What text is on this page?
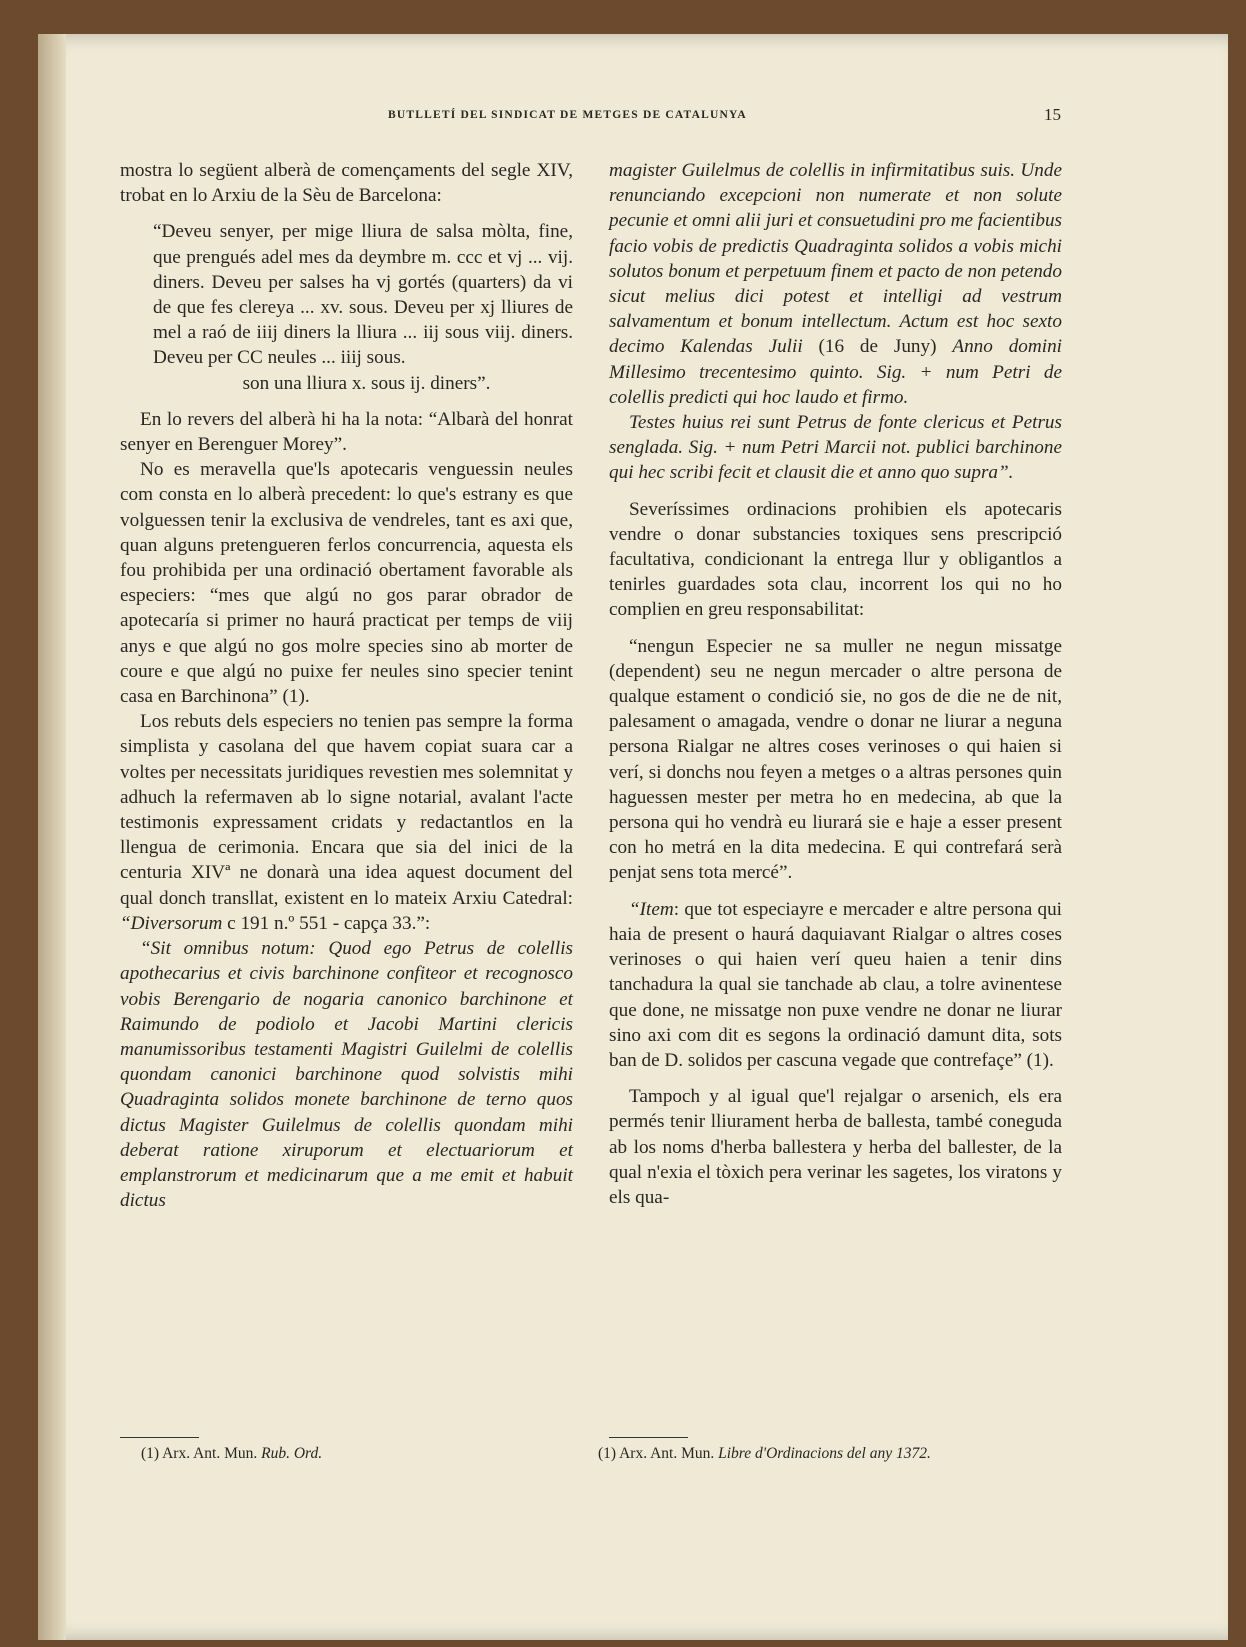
BUTLLETÍ DEL SINDICAT DE METGES DE CATALUNYA	15

mostra lo següent alberà de començaments del segle XIV, trobat en lo Arxiu de la Sèu de Barcelona:

“Deveu senyer, per mige lliura de salsa mòlta, fine, que prengués adel mes da deymbre m. ccc et vj ... vij. diners. Deveu per salses ha vj gortés (quarters) da vi de que fes clereya ... xv. sous. Deveu per xj lliures de mel a raó de iiij diners la lliura ... iij sous viij. diners. Deveu per CC neules ... iiij sous.

son una lliura x. sous ij. diners”.

En lo revers del alberà hi ha la nota: “Albarà del honrat senyer en Berenguer Morey”.

No es meravella que'ls apotecaris venguessin neules com consta en lo alberà precedent: lo que's estrany es que volguessen tenir la exclusiva de vendreles, tant es axi que, quan alguns pretengueren ferlos concurrencia, aquesta els fou prohibida per una ordinació obertament favorable als especiers: “mes que algú no gos parar obrador de apotecaría si primer no haurá practicat per temps de viij anys e que algú no gos molre species sino ab morter de coure e que algú no puixe fer neules sino specier tenint casa en Barchinona” (1).

Los rebuts dels especiers no tenien pas sempre la forma simplista y casolana del que havem copiat suara car a voltes per necessitats juridiques revestien mes solemnitat y adhuch la refermaven ab lo signe notarial, avalant l'acte testimonis expressament cridats y redactantlos en la llengua de cerimonia. Encara que sia del inici de la centuria XIVª ne donarà una idea aquest document del qual donch transllat, existent en lo mateix Arxiu Catedral: “Diversorum c 191 n.º 551 - capça 33.”:

“Sit omnibus notum: Quod ego Petrus de colellis apothecarius et civis barchinone confiteor et recognosco vobis Berengario de nogaria canonico barchinone et Raimundo de podiolo et Jacobi Martini clericis manumissoribus testamenti Magistri Guilelmi de colellis quondam canonici barchinone quod solvistis mihi Quadraginta solidos monete barchinone de terno quos dictus Magister Guilelmus de colellis quondam mihi deberat ratione xiruporum et electuariorum et emplanstrorum et medicinarum que a me emit et habuit dictus

magister Guilelmus de colellis in infirmitatibus suis. Unde renunciando excepcioni non numerate et non solute pecunie et omni alii juri et consuetudini pro me facientibus facio vobis de predictis Quadraginta solidos a vobis michi solutos bonum et perpetuum finem et pacto de non petendo sicut melius dici potest et intelligi ad vestrum salvamentum et bonum intellectum. Actum est hoc sexto decimo Kalendas Julii (16 de Juny) Anno domini Millesimo trecentesimo quinto. Sig. + num Petri de colellis predicti qui hoc laudo et firmo.

Testes huius rei sunt Petrus de fonte clericus et Petrus senglada. Sig. + num Petri Marcii not. publici barchinone qui hec scribi fecit et clausit die et anno quo supra”.

Severíssimes ordinacions prohibien els apotecaris vendre o donar substancies toxiques sens prescripció facultativa, condicionant la entrega llur y obligantlos a tenirles guardades sota clau, incorrent los qui no ho complien en greu responsabilitat:

“nengun Especier ne sa muller ne negun missatge (dependent) seu ne negun mercader o altre persona de qualque estament o condició sie, no gos de die ne de nit, palesament o amagada, vendre o donar ne liurar a neguna persona Rialgar ne altres coses verinoses o qui haien si verí, si donchs nou feyen a metges o a altras persones quin haguessen mester per metra ho en medecina, ab que la persona qui ho vendrà eu liurará sie e haje a esser present con ho metrá en la dita medecina. E qui contrefará serà penjat sens tota mercé”.

“Item: que tot especiayre e mercader e altre persona qui haia de present o haurá daquiavant Rialgar o altres coses verinoses o qui haien verí queu haien a tenir dins tanchadura la qual sie tanchade ab clau, a tolre avinentese que done, ne missatge non puxe vendre ne donar ne liurar sino axi com dit es segons la ordinació damunt dita, sots ban de D. solidos per cascuna vegade que contrefaçe” (1).

Tampoch y al igual que'l rejalgar o arsenich, els era permés tenir lliurament herba de ballesta, també coneguda ab los noms d'herba ballestera y herba del ballester, de la qual n'exia el tòxich pera verinar les sagetes, los viratons y els qua-

(1) Arx. Ant. Mun. Rub. Ord.	(1) Arx. Ant. Mun. Libre d'Ordinacions del any 1372.
